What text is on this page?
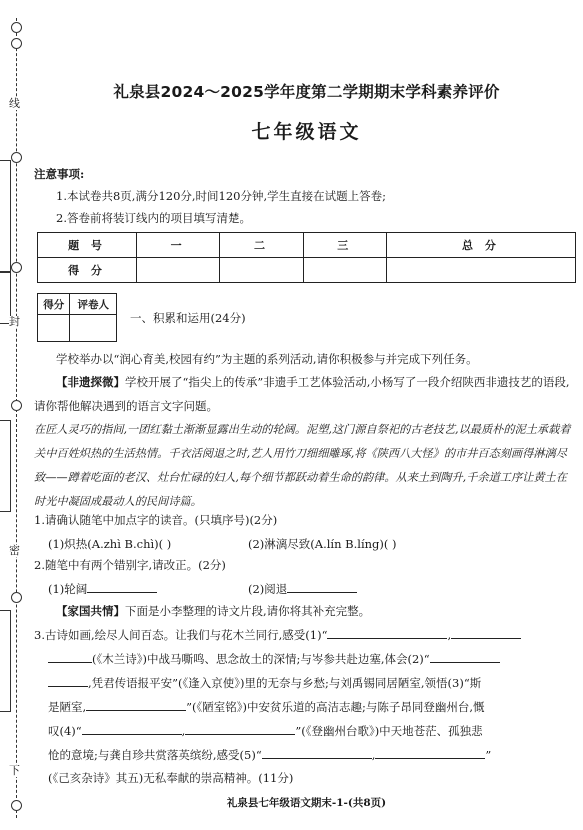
线
封
密
下
礼泉县2024～2025学年度第二学期期末学科素养评价
七年级语文
注意事项:
1.本试卷共8页,满分120分,时间120分钟,学生直接在试题上答卷;
2.答卷前将装订线内的项目填写清楚。
题 号	一	二	三	总 分
得 分				
得分	评卷人

一、积累和运用(24分)
学校举办以“润心育美,校园有约”为主题的系列活动,请你积极参与并完成下列任务。
【非遗探微】学校开展了“指尖上的传承”非遗手工艺体验活动,小杨写了一段介绍陕西非遗技艺的语段,请你帮他解决遇到的语言文字问题。
在匠人灵巧的指间,一团红黏土渐渐显露出生动的轮阔。泥塑,这门源自祭祀的古老技艺,以最质朴的泥土承载着关中百姓炽热的生活热情。千衣活阅退之时,艺人用竹刀细细雕琢,将《陕西八大怪》的市井百态刻画得淋漓尽致——蹲着吃面的老汉、灶台忙碌的妇人,每个细节都跃动着生命的韵律。从来土到陶升,千余道工序让黄土在时光中凝固成最动人的民间诗篇。
1.请确认随笔中加点字的读音。(只填序号)(2分)
(1)炽热(A.zhì B.chì)( )	(2)淋漓尽致(A.lín B.líng)( )
2.随笔中有两个错别字,请改正。(2分)
(1)轮阔	(2)阅退
【家国共情】下面是小李整理的诗文片段,请你将其补充完整。
3.古诗如画,绘尽人间百态。让我们与花木兰同行,感受(1)“	,
(《木兰诗》)中战马嘶鸣、思念故土的深情;与岑参共赴边塞,体会(2)“
,凭君传语报平安”(《逢入京使》)里的无奈与乡愁;与刘禹锡同居陋室,领悟(3)“斯
是陋室,	”(《陋室铭》)中安贫乐道的高洁志趣;与陈子昂同登幽州台,慨
叹(4)“	,	”(《登幽州台歌》)中天地苍茫、孤独悲
怆的意境;与龚自珍共赏落英缤纷,感受(5)“	,	”
(《己亥杂诗》其五)无私奉献的崇高精神。(11分)
礼泉县七年级语文期末-1-(共8页)
